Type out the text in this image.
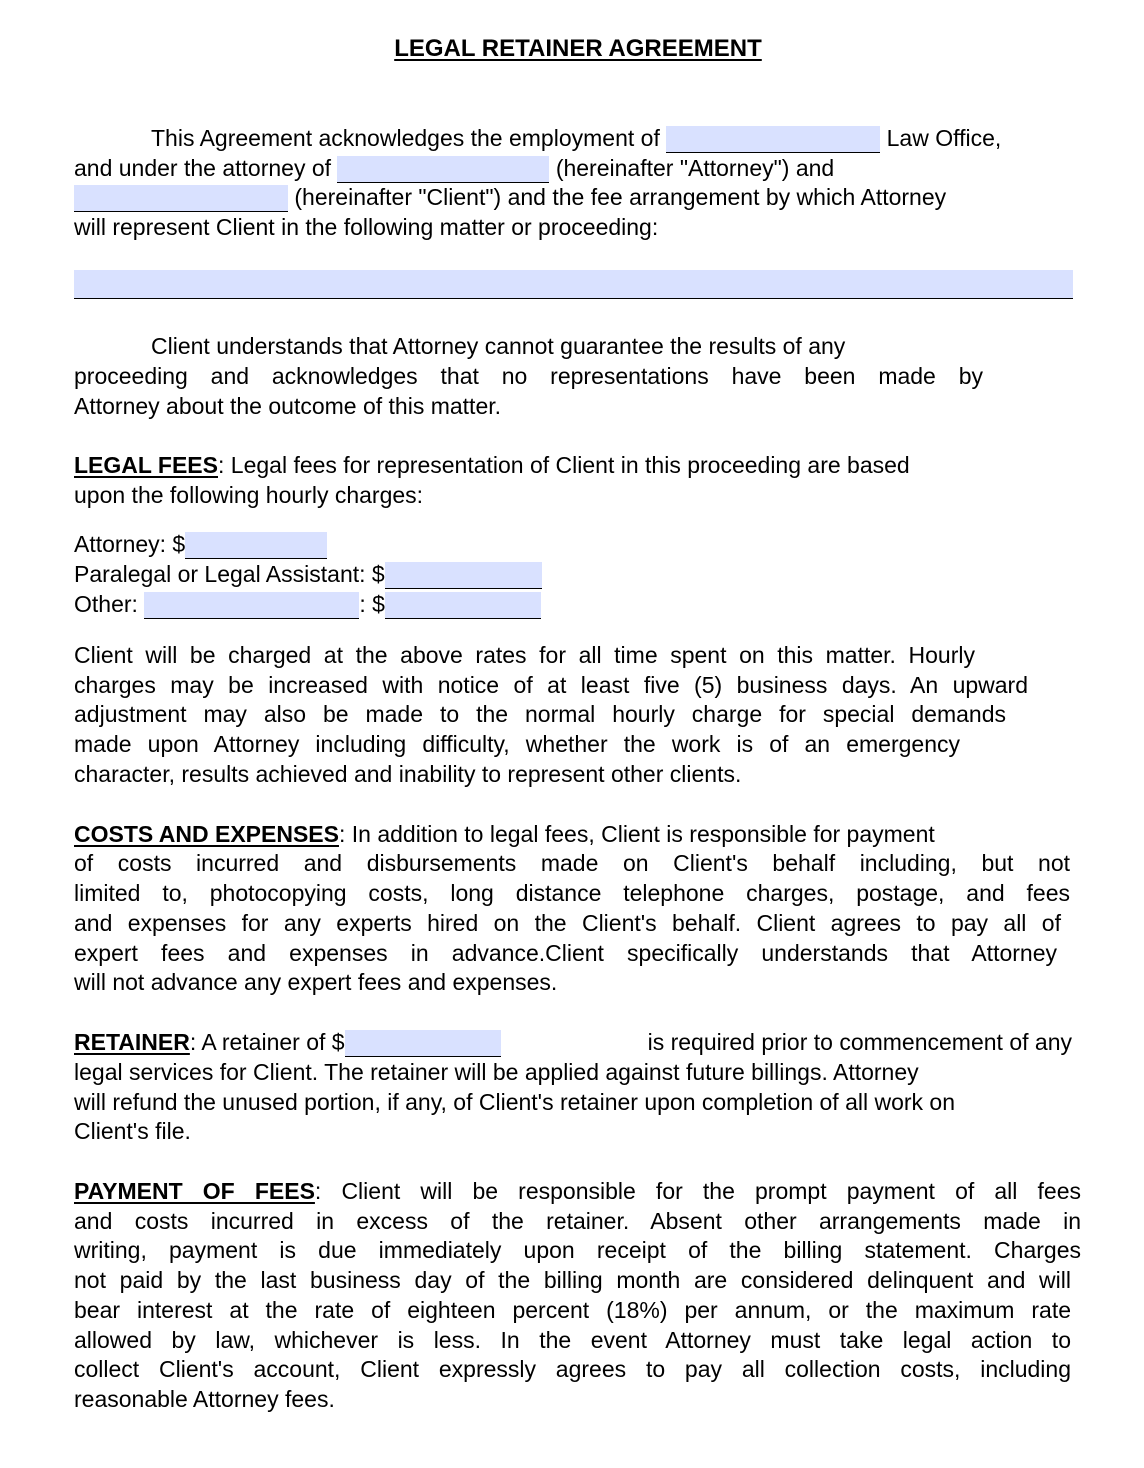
LEGAL RETAINER AGREEMENT
This Agreement acknowledges the employment of	Law Office,
and under the attorney of	(hereinafter "Attorney") and
(hereinafter "Client") and the fee arrangement by which Attorney
will represent Client in the following matter or proceeding:
Client understands that Attorney cannot guarantee the results of any
proceeding and acknowledges that no representations have been made by
Attorney about the outcome of this matter.
LEGAL FEES: Legal fees for representation of Client in this proceeding are based
upon the following hourly charges:
Attorney: $
Paralegal or Legal Assistant: $
Other:	: $
Client will be charged at the above rates for all time spent on this matter. Hourly
charges may be increased with notice of at least five (5) business days. An upward
adjustment may also be made to the normal hourly charge for special demands
made upon Attorney including difficulty, whether the work is of an emergency
character, results achieved and inability to represent other clients.
COSTS AND EXPENSES: In addition to legal fees, Client is responsible for payment
of costs incurred and disbursements made on Client's behalf including, but not
limited to, photocopying costs, long distance telephone charges, postage, and fees
and expenses for any experts hired on the Client's behalf. Client agrees to pay all of
expert fees and expenses in advance.Client specifically understands that Attorney
will not advance any expert fees and expenses.
RETAINER: A retainer of $	is required prior to commencement of any
legal services for Client. The retainer will be applied against future billings. Attorney
will refund the unused portion, if any, of Client's retainer upon completion of all work on
Client's file.
PAYMENT OF FEES: Client will be responsible for the prompt payment of all fees
and costs incurred in excess of the retainer. Absent other arrangements made in
writing, payment is due immediately upon receipt of the billing statement. Charges
not paid by the last business day of the billing month are considered delinquent and will
bear interest at the rate of eighteen percent (18%) per annum, or the maximum rate
allowed by law, whichever is less. In the event Attorney must take legal action to
collect Client's account, Client expressly agrees to pay all collection costs, including
reasonable Attorney fees.
